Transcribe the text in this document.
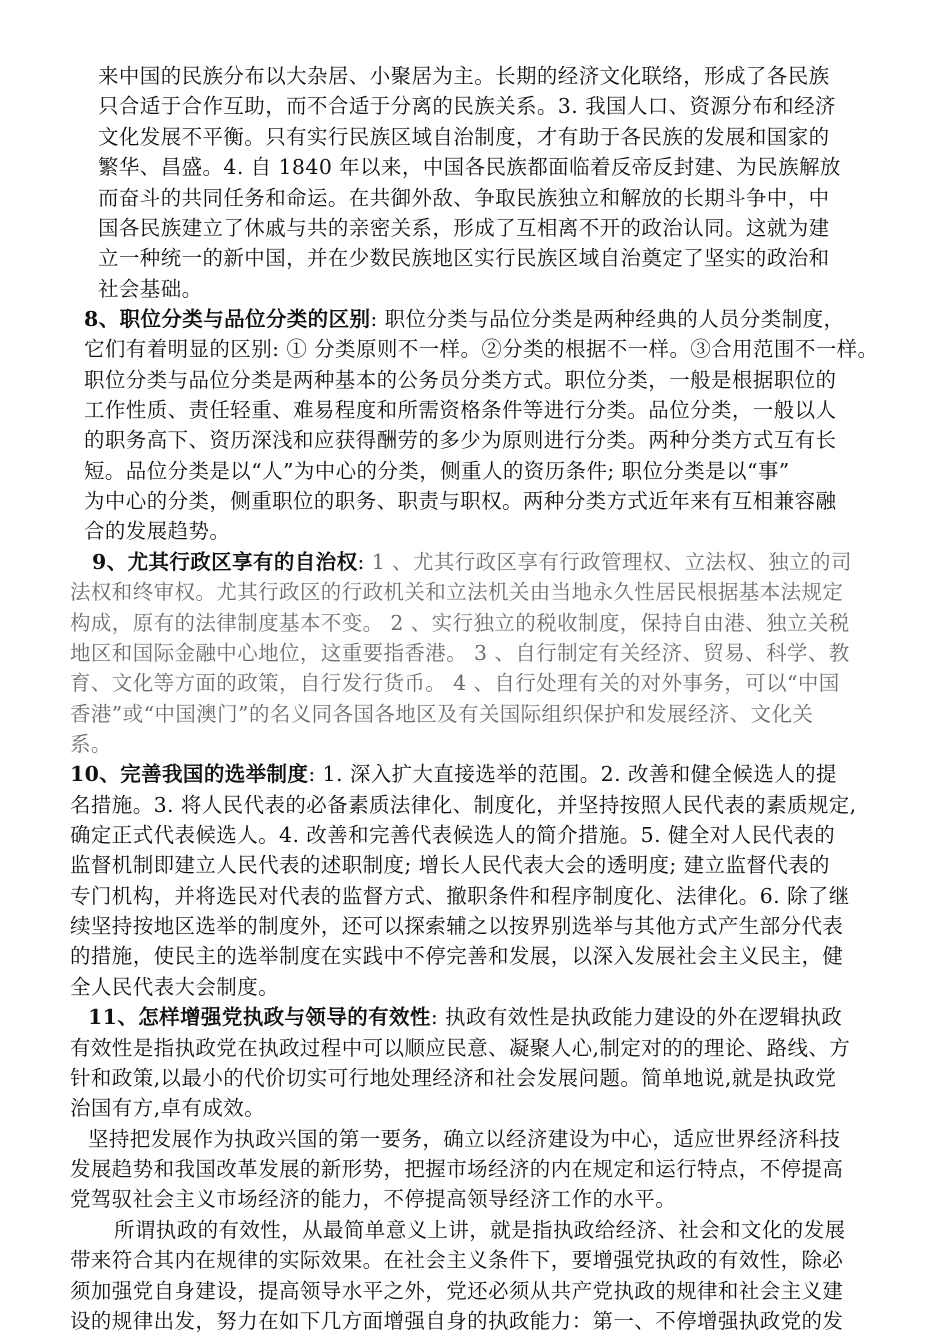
来中国的民族分布以大杂居、小聚居为主。长期的经济文化联络，形成了各民族
只合适于合作互助，而不合适于分离的民族关系。3. 我国人口、资源分布和经济
文化发展不平衡。只有实行民族区域自治制度，才有助于各民族的发展和国家的
繁华、昌盛。4. 自 1840 年以来，中国各民族都面临着反帝反封建、为民族解放
而奋斗的共同任务和命运。在共御外敌、争取民族独立和解放的长期斗争中，中
国各民族建立了休戚与共的亲密关系，形成了互相离不开的政治认同。这就为建
立一种统一的新中国，并在少数民族地区实行民族区域自治奠定了坚实的政治和
社会基础。
8、职位分类与品位分类的区别: 职位分类与品位分类是两种经典的人员分类制度，
它们有着明显的区别: ① 分类原则不一样。②分类的根据不一样。③合用范围不一样。
职位分类与品位分类是两种基本的公务员分类方式。职位分类，一般是根据职位的
工作性质、责任轻重、难易程度和所需资格条件等进行分类。品位分类，一般以人
的职务高下、资历深浅和应获得酬劳的多少为原则进行分类。两种分类方式互有长
短。品位分类是以“人”为中心的分类，侧重人的资历条件; 职位分类是以“事”
为中心的分类，侧重职位的职务、职责与职权。两种分类方式近年来有互相兼容融
合的发展趋势。
9、尤其行政区享有的自治权: 1 、尤其行政区享有行政管理权、立法权、独立的司
法权和终审权。尤其行政区的行政机关和立法机关由当地永久性居民根据基本法规定
构成，原有的法律制度基本不变。 2 、实行独立的税收制度，保持自由港、独立关税
地区和国际金融中心地位，这重要指香港。 3 、自行制定有关经济、贸易、科学、教
育、文化等方面的政策，自行发行货币。 4 、自行处理有关的对外事务，可以“中国
香港”或“中国澳门”的名义同各国各地区及有关国际组织保护和发展经济、文化关
系。
10、完善我国的选举制度: 1. 深入扩大直接选举的范围。2. 改善和健全候选人的提
名措施。3. 将人民代表的必备素质法律化、制度化，并坚持按照人民代表的素质规定,
确定正式代表候选人。4. 改善和完善代表候选人的简介措施。5. 健全对人民代表的
监督机制即建立人民代表的述职制度; 增长人民代表大会的透明度; 建立监督代表的
专门机构，并将选民对代表的监督方式、撤职条件和程序制度化、法律化。6. 除了继
续坚持按地区选举的制度外，还可以探索辅之以按界别选举与其他方式产生部分代表
的措施，使民主的选举制度在实践中不停完善和发展，以深入发展社会主义民主，健
全人民代表大会制度。
11、怎样增强党执政与领导的有效性: 执政有效性是执政能力建设的外在逻辑执政
有效性是指执政党在执政过程中可以顺应民意、凝聚人心,制定对的的理论、路线、方
针和政策,以最小的代价切实可行地处理经济和社会发展问题。简单地说,就是执政党
治国有方,卓有成效。
坚持把发展作为执政兴国的第一要务，确立以经济建设为中心，适应世界经济科技
发展趋势和我国改革发展的新形势，把握市场经济的内在规定和运行特点，不停提高
党驾驭社会主义市场经济的能力，不停提高领导经济工作的水平。
所谓执政的有效性，从最简单意义上讲，就是指执政给经济、社会和文化的发展
带来符合其内在规律的实际效果。在社会主义条件下，要增强党执政的有效性，除必
须加强党自身建设，提高领导水平之外，党还必须从共产党执政的规律和社会主义建
设的规律出发，努力在如下几方面增强自身的执政能力：第一、不停增强执政党的发
